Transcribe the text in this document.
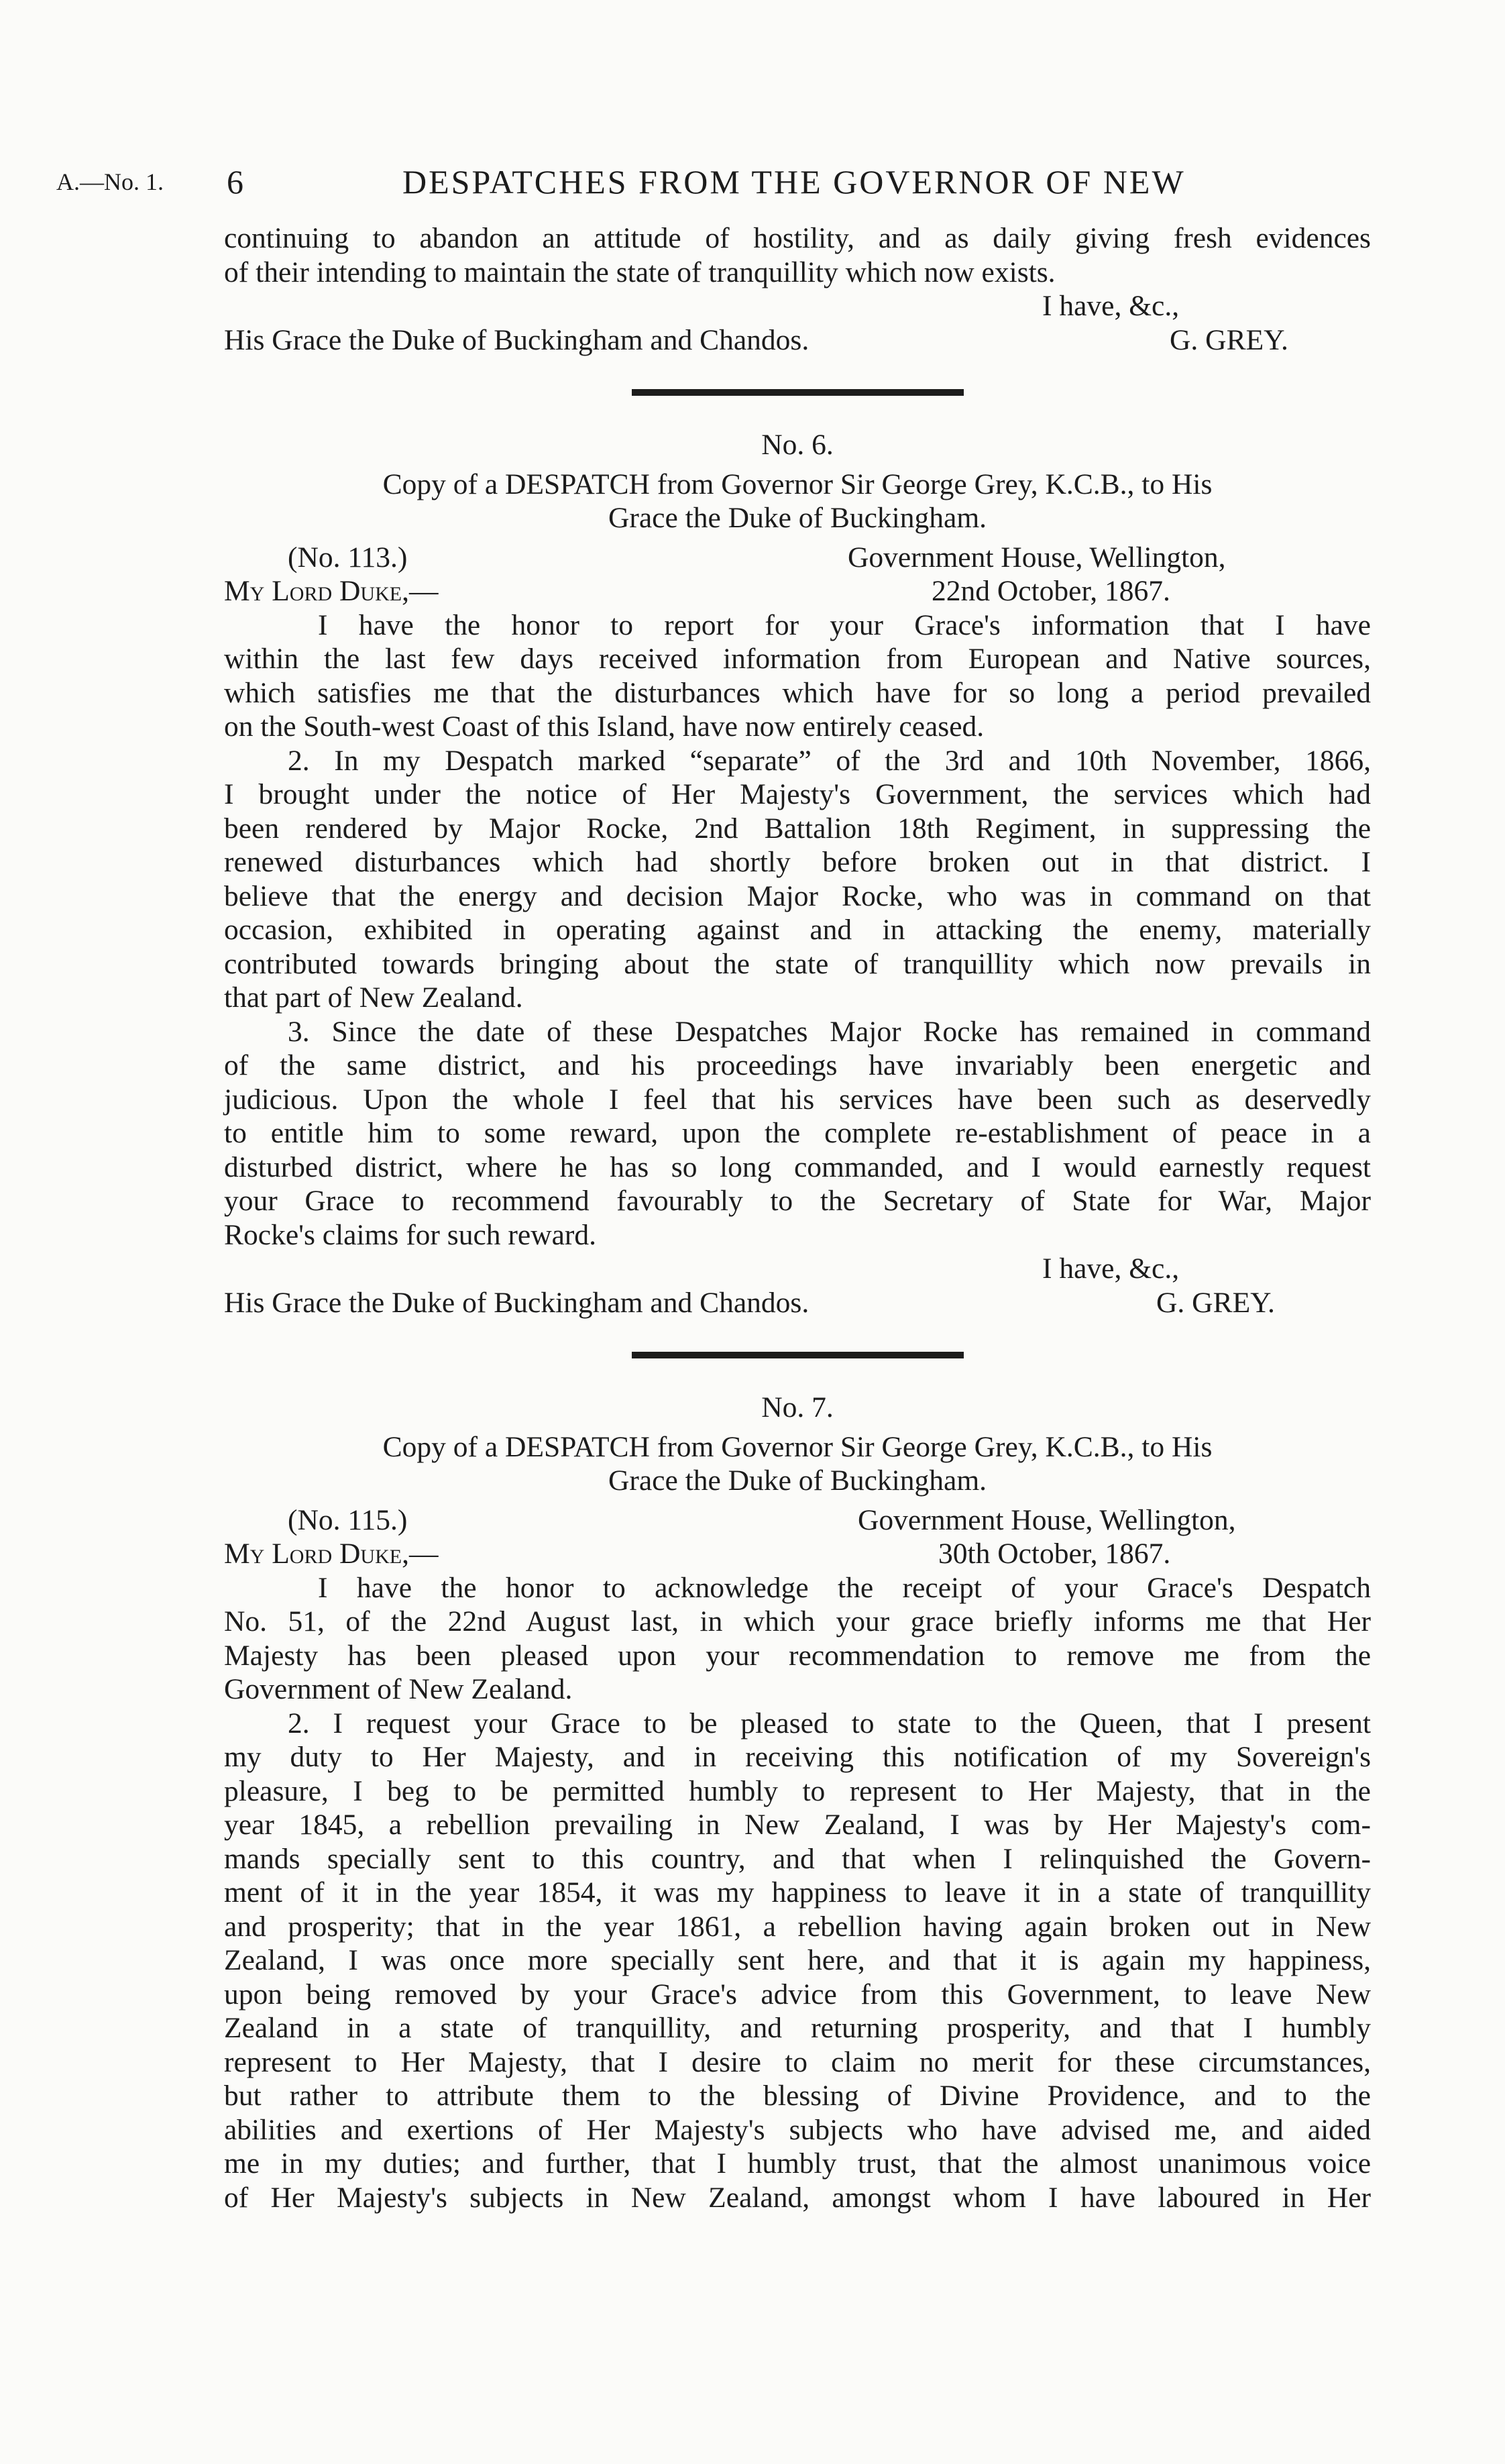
A.—No. 1. 6	DESPATCHES FROM THE GOVERNOR OF NEW
continuing to abandon an attitude of hostility, and as daily giving fresh evidences
of their intending to maintain the state of tranquillity which now exists.
I have, &c.,
His Grace the Duke of Buckingham and Chandos.	G. GREY.
No. 6.
Copy of a DESPATCH from Governor Sir George Grey, K.C.B., to His
Grace the Duke of Buckingham.
(No. 113.)	Government House, Wellington,
My Lord Duke,—	22nd October, 1867.
I have the honor to report for your Grace's information that I have
within the last few days received information from European and Native sources,
which satisfies me that the disturbances which have for so long a period prevailed
on the South-west Coast of this Island, have now entirely ceased.
2. In my Despatch marked “separate” of the 3rd and 10th November, 1866,
I brought under the notice of Her Majesty's Government, the services which had
been rendered by Major Rocke, 2nd Battalion 18th Regiment, in suppressing the
renewed disturbances which had shortly before broken out in that district. I
believe that the energy and decision Major Rocke, who was in command on that
occasion, exhibited in operating against and in attacking the enemy, materially
contributed towards bringing about the state of tranquillity which now prevails in
that part of New Zealand.
3. Since the date of these Despatches Major Rocke has remained in command
of the same district, and his proceedings have invariably been energetic and
judicious. Upon the whole I feel that his services have been such as deservedly
to entitle him to some reward, upon the complete re-establishment of peace in a
disturbed district, where he has so long commanded, and I would earnestly request
your Grace to recommend favourably to the Secretary of State for War, Major
Rocke's claims for such reward.
I have, &c.,
His Grace the Duke of Buckingham and Chandos.	G. GREY.
No. 7.
Copy of a DESPATCH from Governor Sir George Grey, K.C.B., to His
Grace the Duke of Buckingham.
(No. 115.)	Government House, Wellington,
My Lord Duke,—	30th October, 1867.
I have the honor to acknowledge the receipt of your Grace's Despatch
No. 51, of the 22nd August last, in which your grace briefly informs me that Her
Majesty has been pleased upon your recommendation to remove me from the
Government of New Zealand.
2. I request your Grace to be pleased to state to the Queen, that I present
my duty to Her Majesty, and in receiving this notification of my Sovereign's
pleasure, I beg to be permitted humbly to represent to Her Majesty, that in the
year 1845, a rebellion prevailing in New Zealand, I was by Her Majesty's com-
mands specially sent to this country, and that when I relinquished the Govern-
ment of it in the year 1854, it was my happiness to leave it in a state of tranquillity
and prosperity; that in the year 1861, a rebellion having again broken out in New
Zealand, I was once more specially sent here, and that it is again my happiness,
upon being removed by your Grace's advice from this Government, to leave New
Zealand in a state of tranquillity, and returning prosperity, and that I humbly
represent to Her Majesty, that I desire to claim no merit for these circumstances,
but rather to attribute them to the blessing of Divine Providence, and to the
abilities and exertions of Her Majesty's subjects who have advised me, and aided
me in my duties; and further, that I humbly trust, that the almost unanimous voice
of Her Majesty's subjects in New Zealand, amongst whom I have laboured in Her
